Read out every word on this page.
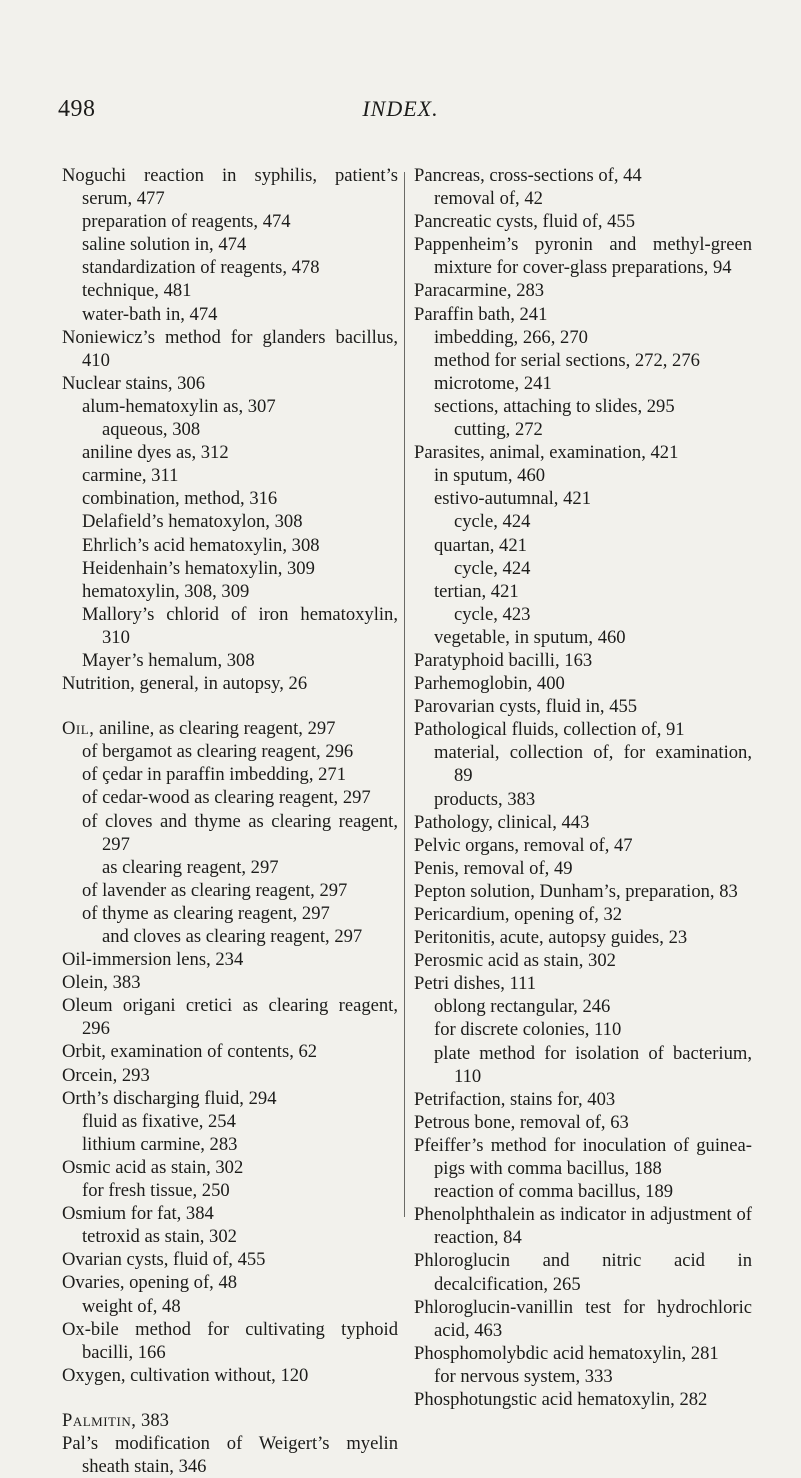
498	INDEX.

Noguchi reaction in syphilis, patient’s serum, 477

preparation of reagents, 474

saline solution in, 474

standardization of reagents, 478

technique, 481

water-bath in, 474

Noniewicz’s method for glanders bacillus, 410

Nuclear stains, 306

alum-hematoxylin as, 307

aqueous, 308

aniline dyes as, 312

carmine, 311

combination, method, 316

Delafield’s hematoxylon, 308

Ehrlich’s acid hematoxylin, 308

Heidenhain’s hematoxylin, 309

hematoxylin, 308, 309

Mallory’s chlorid of iron hematoxylin, 310

Mayer’s hemalum, 308

Nutrition, general, in autopsy, 26

Oil, aniline, as clearing reagent, 297

of bergamot as clearing reagent, 296

of çedar in paraffin imbedding, 271

of cedar-wood as clearing reagent, 297

of cloves and thyme as clearing reagent, 297

as clearing reagent, 297

of lavender as clearing reagent, 297

of thyme as clearing reagent, 297

and cloves as clearing reagent, 297

Oil-immersion lens, 234

Olein, 383

Oleum origani cretici as clearing reagent, 296

Orbit, examination of contents, 62

Orcein, 293

Orth’s discharging fluid, 294

fluid as fixative, 254

lithium carmine, 283

Osmic acid as stain, 302

for fresh tissue, 250

Osmium for fat, 384

tetroxid as stain, 302

Ovarian cysts, fluid of, 455

Ovaries, opening of, 48

weight of, 48

Ox-bile method for cultivating typhoid bacilli, 166

Oxygen, cultivation without, 120

Palmitin, 383

Pal’s modification of Weigert’s myelin sheath stain, 346

Pancreas, cross-sections of, 44

removal of, 42

Pancreatic cysts, fluid of, 455

Pappenheim’s pyronin and methyl-green mixture for cover-glass preparations, 94

Paracarmine, 283

Paraffin bath, 241

imbedding, 266, 270

method for serial sections, 272, 276

microtome, 241

sections, attaching to slides, 295

cutting, 272

Parasites, animal, examination, 421

in sputum, 460

estivo-autumnal, 421

cycle, 424

quartan, 421

cycle, 424

tertian, 421

cycle, 423

vegetable, in sputum, 460

Paratyphoid bacilli, 163

Parhemoglobin, 400

Parovarian cysts, fluid in, 455

Pathological fluids, collection of, 91

material, collection of, for examination, 89

products, 383

Pathology, clinical, 443

Pelvic organs, removal of, 47

Penis, removal of, 49

Pepton solution, Dunham’s, preparation, 83

Pericardium, opening of, 32

Peritonitis, acute, autopsy guides, 23

Perosmic acid as stain, 302

Petri dishes, 111

oblong rectangular, 246

for discrete colonies, 110

plate method for isolation of bacterium, 110

Petrifaction, stains for, 403

Petrous bone, removal of, 63

Pfeiffer’s method for inoculation of guinea-pigs with comma bacillus, 188

reaction of comma bacillus, 189

Phenolphthalein as indicator in adjustment of reaction, 84

Phloroglucin and nitric acid in decalcification, 265

Phloroglucin-vanillin test for hydrochloric acid, 463

Phosphomolybdic acid hematoxylin, 281

for nervous system, 333

Phosphotungstic acid hematoxylin, 282
